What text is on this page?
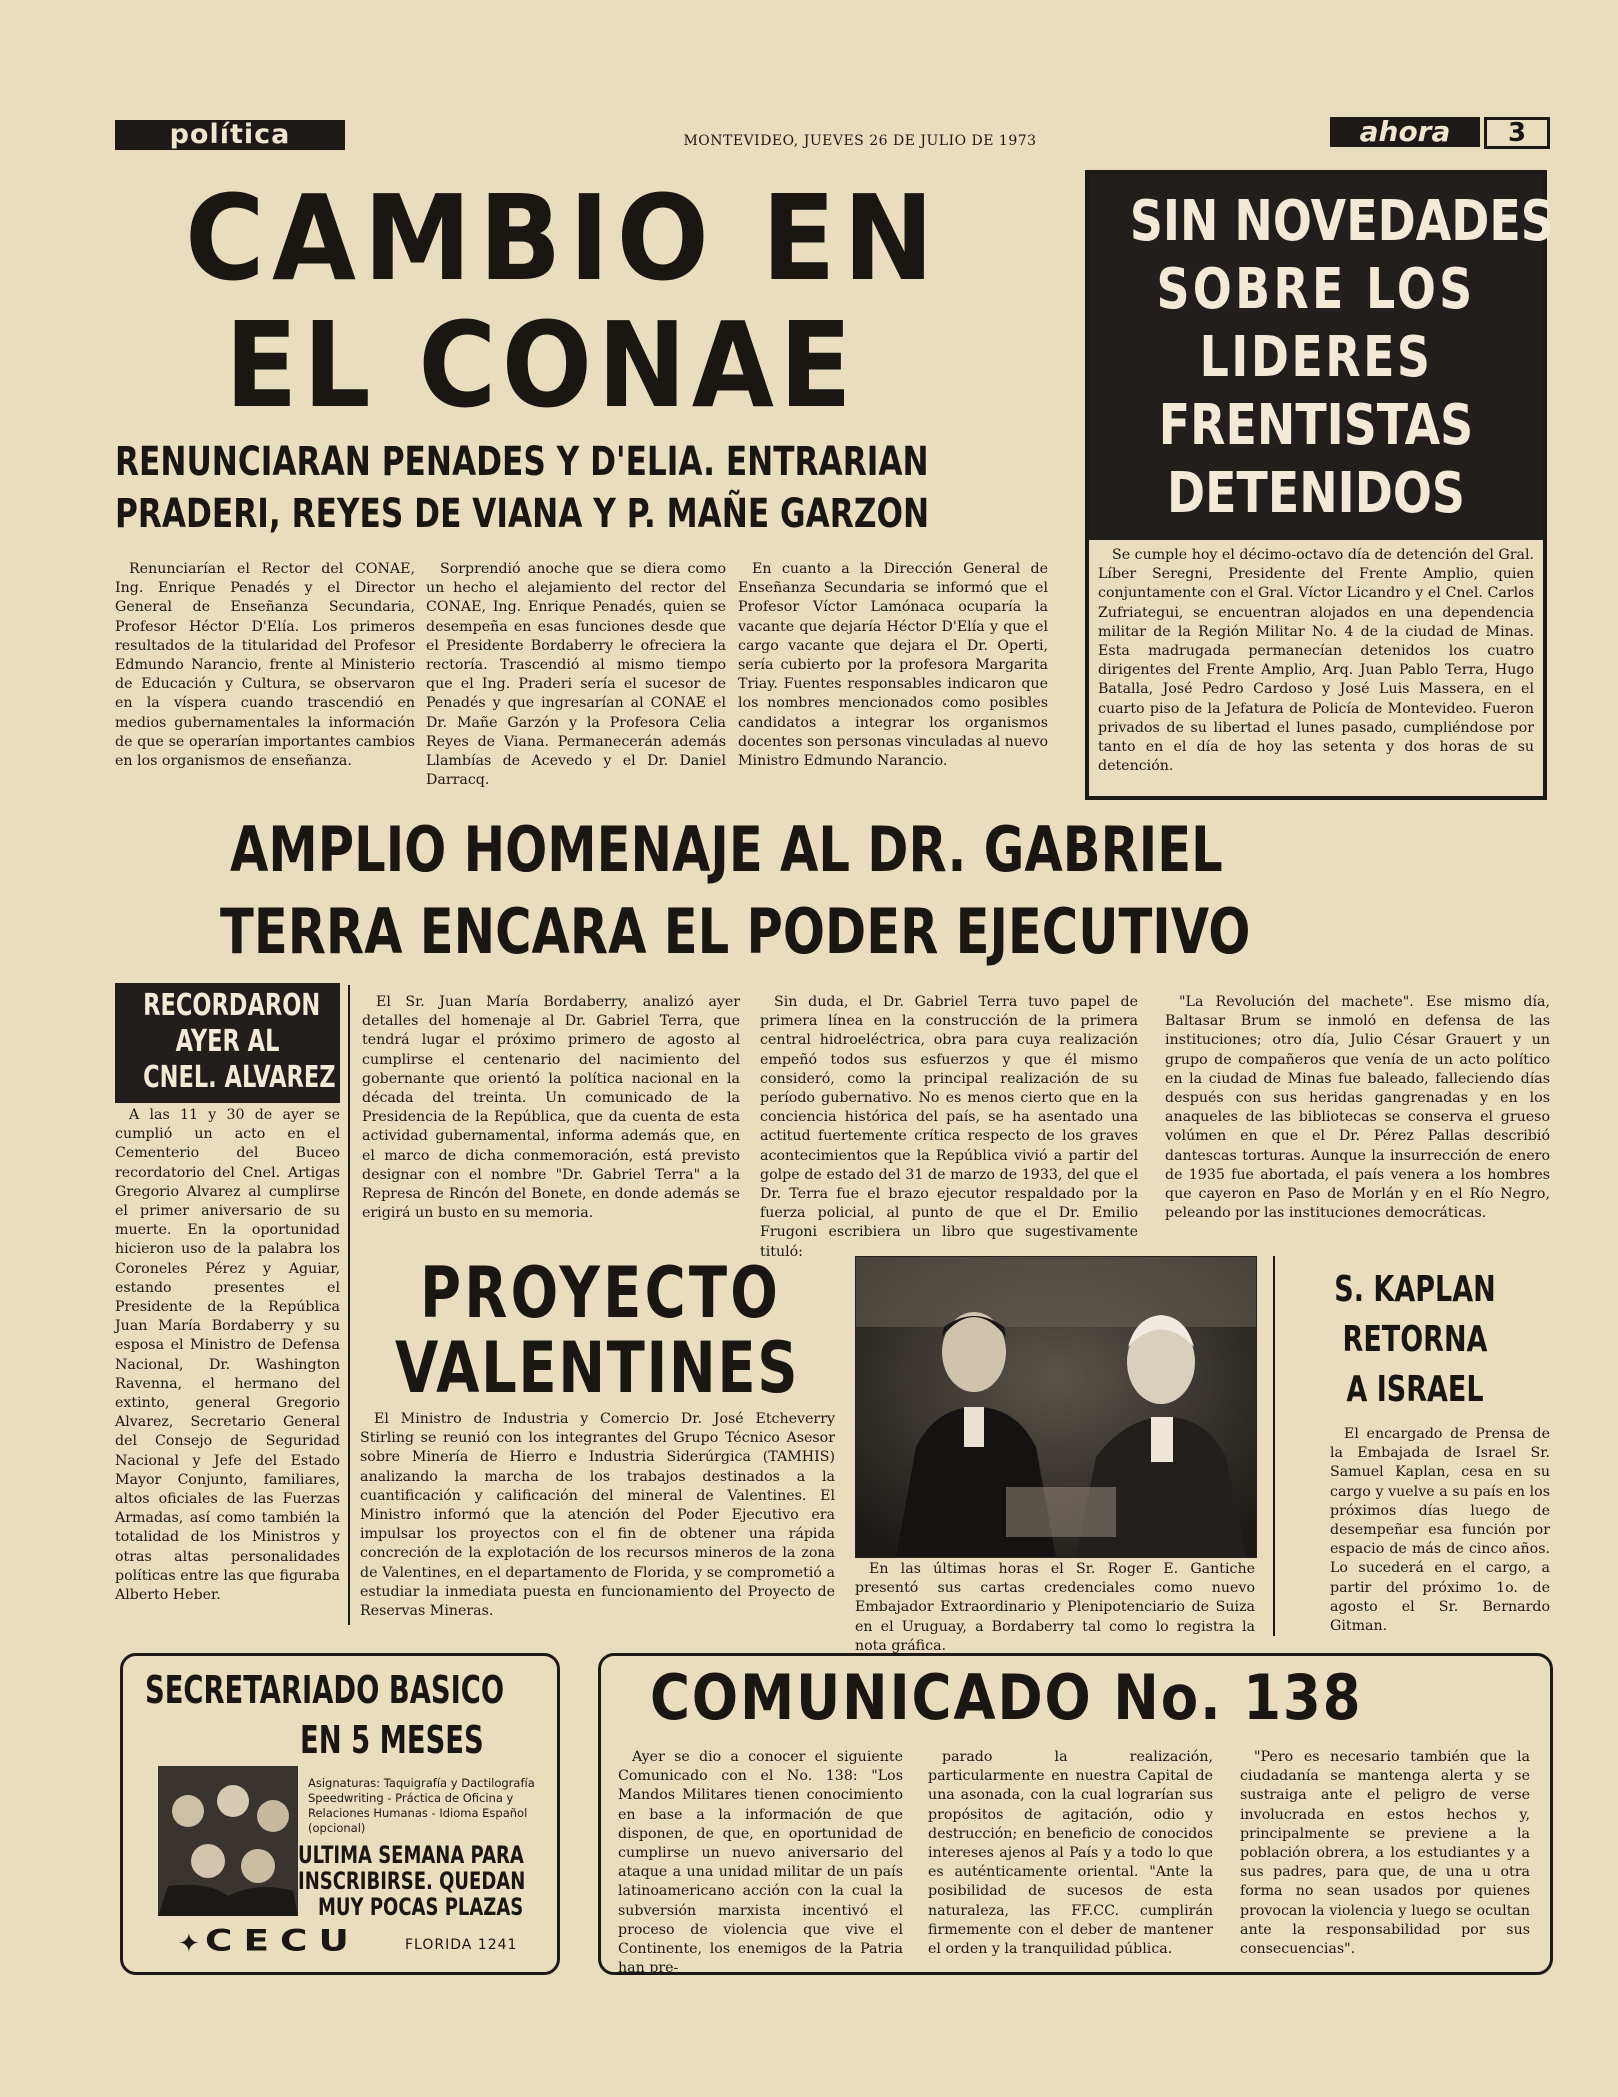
política	MONTEVIDEO, JUEVES 26 DE JULIO DE 1973	ahora	3
CAMBIO EN
EL CONAE
RENUNCIARAN PENADES Y D'ELIA. ENTRARIAN
PRADERI, REYES DE VIANA Y P. MAÑE GARZON

Renunciarían el Rector del CONAE, Ing. Enrique Penadés y el Director General de Enseñanza Secundaria, Profesor Héctor D'Elía. Los primeros resultados de la titularidad del Profesor Edmundo Narancio, frente al Ministerio de Educación y Cultura, se observaron en la víspera cuando trascendió en medios gubernamentales la información de que se operarían importantes cambios en los organismos de enseñanza.

Sorprendió anoche que se diera como un hecho el alejamiento del rector del CONAE, Ing. Enrique Penadés, quien se desempeña en esas funciones desde que el Presidente Bordaberry le ofreciera la rectoría. Trascendió al mismo tiempo que el Ing. Praderi sería el sucesor de Penadés y que ingresarían al CONAE el Dr. Mañe Garzón y la Profesora Celia Reyes de Viana. Permanecerán además Llambías de Acevedo y el Dr. Daniel Darracq.

En cuanto a la Dirección General de Enseñanza Secundaria se informó que el Profesor Víctor Lamónaca ocuparía la vacante que dejaría Héctor D'Elía y que el cargo vacante que dejara el Dr. Operti, sería cubierto por la profesora Margarita Triay. Fuentes responsables indicaron que los nombres mencionados como posibles candidatos a integrar los organismos docentes son personas vinculadas al nuevo Ministro Edmundo Narancio.

SIN NOVEDADES
SOBRE LOS
LIDERES
FRENTISTAS
DETENIDOS

Se cumple hoy el décimo-octavo día de detención del Gral. Líber Seregni, Presidente del Frente Amplio, quien conjuntamente con el Gral. Víctor Licandro y el Cnel. Carlos Zufriategui, se encuentran alojados en una dependencia militar de la Región Militar No. 4 de la ciudad de Minas. Esta madrugada permanecían detenidos los cuatro dirigentes del Frente Amplio, Arq. Juan Pablo Terra, Hugo Batalla, José Pedro Cardoso y José Luis Massera, en el cuarto piso de la Jefatura de Policía de Montevideo. Fueron privados de su libertad el lunes pasado, cumpliéndose por tanto en el día de hoy las setenta y dos horas de su detención.

AMPLIO HOMENAJE AL DR. GABRIEL
TERRA ENCARA EL PODER EJECUTIVO

El Sr. Juan María Bordaberry, analizó ayer detalles del homenaje al Dr. Gabriel Terra, que tendrá lugar el próximo primero de agosto al cumplirse el centenario del nacimiento del gobernante que orientó la política nacional en la década del treinta. Un comunicado de la Presidencia de la República, que da cuenta de esta actividad gubernamental, informa además que, en el marco de dicha conmemoración, está previsto designar con el nombre "Dr. Gabriel Terra" a la Represa de Rincón del Bonete, en donde además se erigirá un busto en su memoria.

Sin duda, el Dr. Gabriel Terra tuvo papel de primera línea en la construcción de la primera central hidroeléctrica, obra para cuya realización empeñó todos sus esfuerzos y que él mismo consideró, como la principal realización de su período gubernativo. No es menos cierto que en la conciencia histórica del país, se ha asentado una actitud fuertemente crítica respecto de los graves acontecimientos que la República vivió a partir del golpe de estado del 31 de marzo de 1933, del que el Dr. Terra fue el brazo ejecutor respaldado por la fuerza policial, al punto de que el Dr. Emilio Frugoni escribiera un libro que sugestivamente tituló:

"La Revolución del machete". Ese mismo día, Baltasar Brum se inmoló en defensa de las instituciones; otro día, Julio César Grauert y un grupo de compañeros que venía de un acto político en la ciudad de Minas fue baleado, falleciendo días después con sus heridas gangrenadas y en los anaqueles de las bibliotecas se conserva el grueso volúmen en que el Dr. Pérez Pallas describió dantescas torturas. Aunque la insurrección de enero de 1935 fue abortada, el país venera a los hombres que cayeron en Paso de Morlán y en el Río Negro, peleando por las instituciones democráticas.

RECORDARON
AYER AL
CNEL. ALVAREZ

A las 11 y 30 de ayer se cumplió un acto en el Cementerio del Buceo recordatorio del Cnel. Artigas Gregorio Alvarez al cumplirse el primer aniversario de su muerte. En la oportunidad hicieron uso de la palabra los Coroneles Pérez y Aguiar, estando presentes el Presidente de la República Juan María Bordaberry y su esposa el Ministro de Defensa Nacional, Dr. Washington Ravenna, el hermano del extinto, general Gregorio Alvarez, Secretario General del Consejo de Seguridad Nacional y Jefe del Estado Mayor Conjunto, familiares, altos oficiales de las Fuerzas Armadas, así como también la totalidad de los Ministros y otras altas personalidades políticas entre las que figuraba Alberto Heber.

PROYECTO
VALENTINES

El Ministro de Industria y Comercio Dr. José Etcheverry Stirling se reunió con los integrantes del Grupo Técnico Asesor sobre Minería de Hierro e Industria Siderúrgica (TAMHIS) analizando la marcha de los trabajos destinados a la cuantificación y calificación del mineral de Valentines. El Ministro informó que la atención del Poder Ejecutivo era impulsar los proyectos con el fin de obtener una rápida concreción de la explotación de los recursos mineros de la zona de Valentines, en el departamento de Florida, y se comprometió a estudiar la inmediata puesta en funcionamiento del Proyecto de Reservas Mineras.

En las últimas horas el Sr. Roger E. Gantiche presentó sus cartas credenciales como nuevo Embajador Extraordinario y Plenipotenciario de Suiza en el Uruguay, a Bordaberry tal como lo registra la nota gráfica.

S. KAPLAN
RETORNA
A ISRAEL

El encargado de Prensa de la Embajada de Israel Sr. Samuel Kaplan, cesa en su cargo y vuelve a su país en los próximos días luego de desempeñar esa función por espacio de más de cinco años. Lo sucederá en el cargo, a partir del próximo 1o. de agosto el Sr. Bernardo Gitman.

SECRETARIADO BASICO
EN 5 MESES
Asignaturas: Taquigrafía y Dactilografía Speedwriting - Práctica de Oficina y Relaciones Humanas - Idioma Español (opcional)
ULTIMA SEMANA PARA
INSCRIBIRSE. QUEDAN
MUY POCAS PLAZAS
✦ CECU	FLORIDA 1241
COMUNICADO No. 138

Ayer se dio a conocer el siguiente Comunicado con el No. 138: "Los Mandos Militares tienen conocimiento en base a la información de que disponen, de que, en oportunidad de cumplirse un nuevo aniversario del ataque a una unidad militar de un país latinoamericano acción con la cual la subversión marxista incentivó el proceso de violencia que vive el Continente, los enemigos de la Patria han pre-

parado la realización, particularmente en nuestra Capital de una asonada, con la cual lograrían sus propósitos de agitación, odio y destrucción; en beneficio de conocidos intereses ajenos al País y a todo lo que es auténticamente oriental. "Ante la posibilidad de sucesos de esta naturaleza, las FF.CC. cumplirán firmemente con el deber de mantener el orden y la tranquilidad pública.

"Pero es necesario también que la ciudadanía se mantenga alerta y se sustraiga ante el peligro de verse involucrada en estos hechos y, principalmente se previene a la población obrera, a los estudiantes y a sus padres, para que, de una u otra forma no sean usados por quienes provocan la violencia y luego se ocultan ante la responsabilidad por sus consecuencias".
